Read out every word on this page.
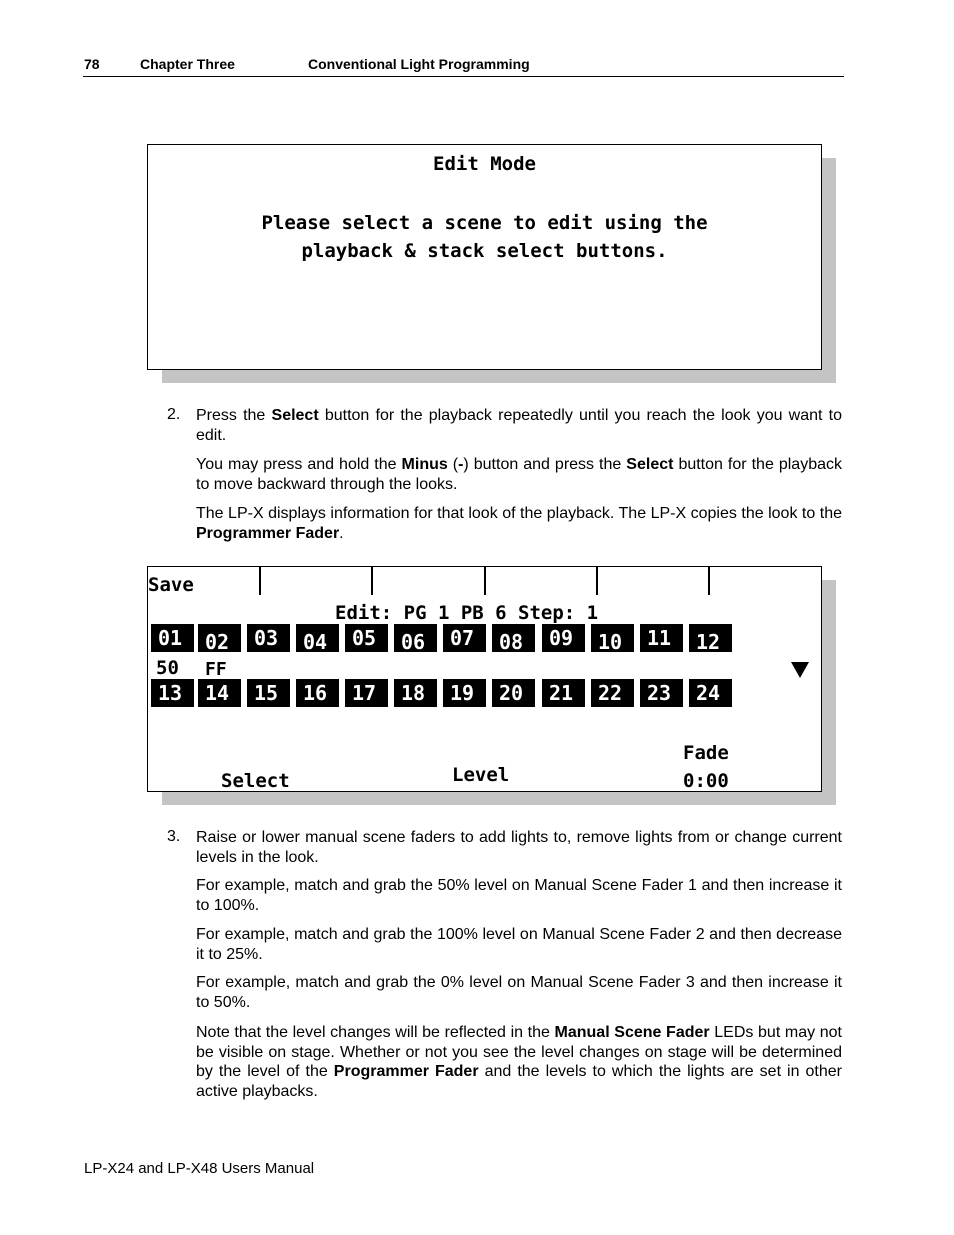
78	Chapter Three	Conventional Light Programming
Edit Mode
Please select a scene to edit using the
playback & stack select buttons.
2. Press the Select button for the playback repeatedly until you reach the look you want to edit.
You may press and hold the Minus (-) button and press the Select button for the playback to move backward through the looks.
The LP-X displays information for that look of the playback. The LP-X copies the look to the Programmer Fader.
Save
Edit: PG 1 PB 6 Step: 1
01	02	03	04	05	06	07	08	09	10	11	12
13	14	15	16	17	18	19	20	21	22	23	24
50 FF
Fade
0:00
Select	Level
3. Raise or lower manual scene faders to add lights to, remove lights from or change current levels in the look.
For example, match and grab the 50% level on Manual Scene Fader 1 and then increase it to 100%.
For example, match and grab the 100% level on Manual Scene Fader 2 and then decrease it to 25%.
For example, match and grab the 0% level on Manual Scene Fader 3 and then increase it to 50%.
Note that the level changes will be reflected in the Manual Scene Fader LEDs but may not be visible on stage. Whether or not you see the level changes on stage will be determined by the level of the Programmer Fader and the levels to which the lights are set in other active playbacks.
LP-X24 and LP-X48 Users Manual
